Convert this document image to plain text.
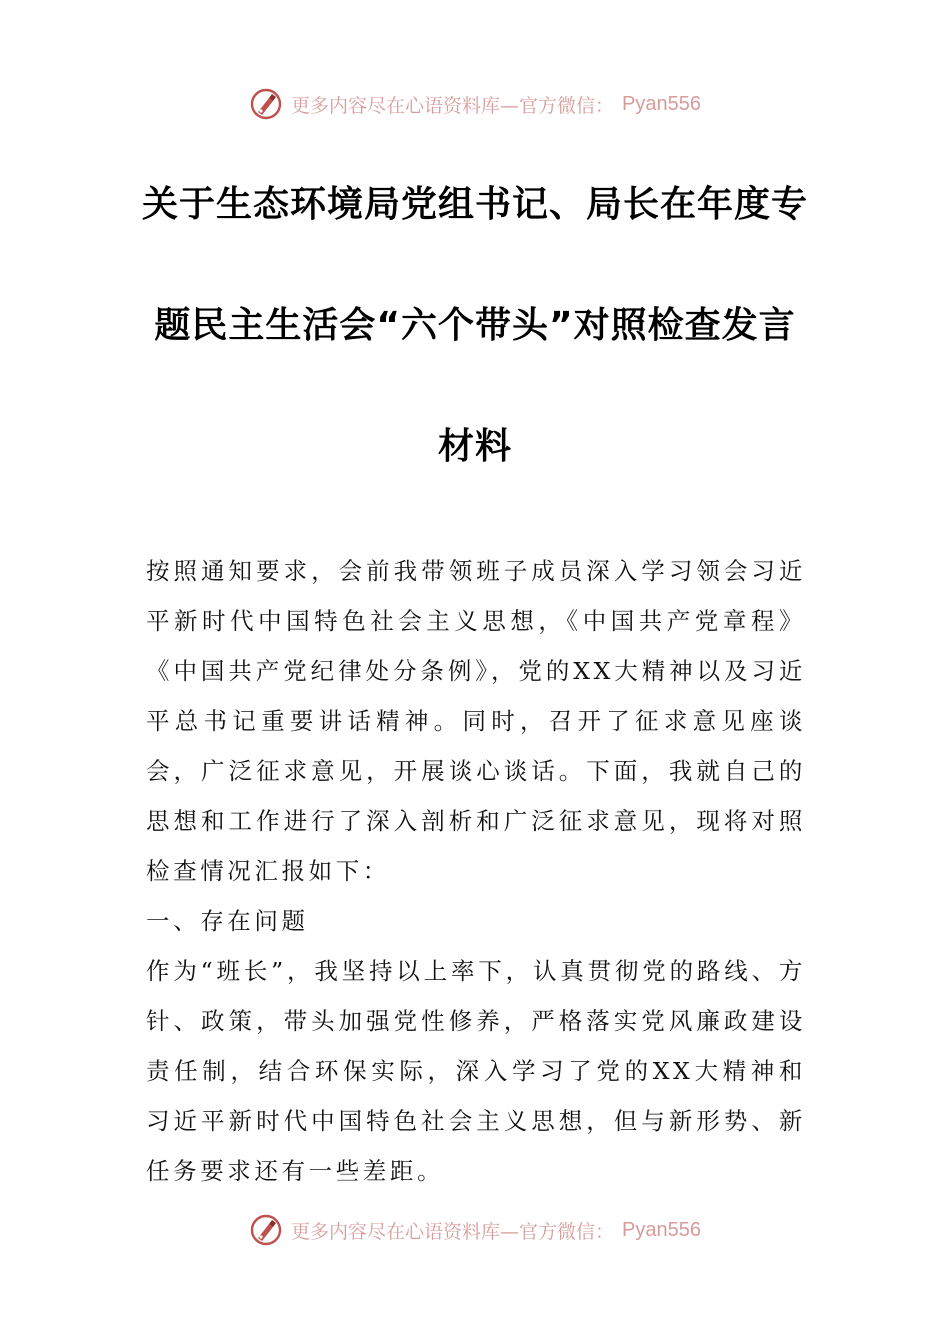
更多内容尽在心语资料库—官方微信： Pyan556
关于生态环境局党组书记、局长在年度专
题民主生活会“六个带头”对照检查发言
材料

按照通知要求，会前我带领班子成员深入学习领会习近平新时代中国特色社会主义思想，《中国共产党章程》《中国共产党纪律处分条例》，党的XX大精神以及习近平总书记重要讲话精神。同时，召开了征求意见座谈会，广泛征求意见，开展谈心谈话。下面，我就自己的思想和工作进行了深入剖析和广泛征求意见，现将对照检查情况汇报如下：

一、存在问题

作为“班长”，我坚持以上率下，认真贯彻党的路线、方针、政策，带头加强党性修养，严格落实党风廉政建设责任制，结合环保实际，深入学习了党的XX大精神和习近平新时代中国特色社会主义思想，但与新形势、新任务要求还有一些差距。

更多内容尽在心语资料库—官方微信： Pyan556
